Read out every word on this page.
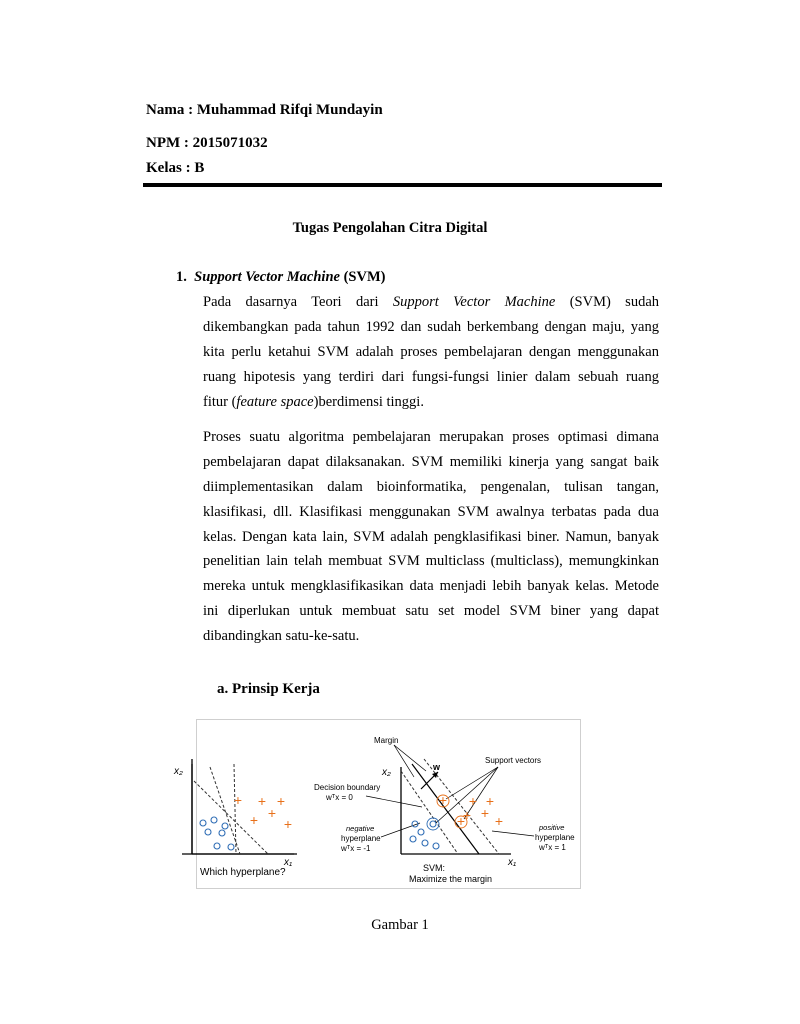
Nama : Muhammad Rifqi Mundayin
NPM : 2015071032
Kelas : B
Tugas Pengolahan Citra Digital
1. Support Vector Machine (SVM)
Pada dasarnya Teori dari Support Vector Machine (SVM) sudah
dikembangkan pada tahun 1992 dan sudah berkembang dengan maju, yang
kita perlu ketahui SVM adalah proses pembelajaran dengan menggunakan
ruang hipotesis yang terdiri dari fungsi-fungsi linier dalam sebuah ruang
fitur (feature space)berdimensi tinggi.
Proses suatu algoritma pembelajaran merupakan proses optimasi dimana
pembelajaran dapat dilaksanakan. SVM memiliki kinerja yang sangat baik
diimplementasikan dalam bioinformatika, pengenalan, tulisan tangan,
klasifikasi, dll. Klasifikasi menggunakan SVM awalnya terbatas pada dua
kelas. Dengan kata lain, SVM adalah pengklasifikasi biner. Namun, banyak
penelitian lain telah membuat SVM multiclass (multiclass), memungkinkan
mereka untuk mengklasifikasikan data menjadi lebih banyak kelas. Metode
ini diperlukan untuk membuat satu set model SVM biner yang dapat
dibandingkan satu-ke-satu.
a. Prinsip Kerja
x₂
x₁
+ + +
+
+ +
Which hyperplane?
x₂
x₁
w
Margin
Support vectors
Decision boundary
wᵀx = 0
negative
hyperplane
wᵀx = -1
positive
hyperplane
wᵀx = 1
+ +
+
+ +
+
+
SVM:
Maximize the margin
Gambar 1
